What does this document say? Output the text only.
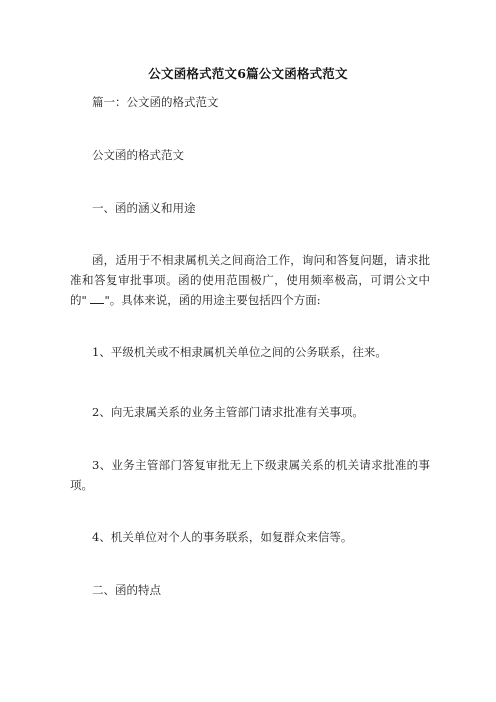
公文函格式范文6篇公文函格式范文
篇一：公文函的格式范文
公文函的格式范文
一、函的涵义和用途
函，适用于不相隶属机关之间商洽工作，询问和答复问题，请求批准和答复审批事项。函的使用范围极广，使用频率极高，可谓公文中的" "。具体来说，函的用途主要包括四个方面:
1、平级机关或不相隶属机关单位之间的公务联系，往来。
2、向无隶属关系的业务主管部门请求批准有关事项。
3、业务主管部门答复审批无上下级隶属关系的机关请求批准的事项。
4、机关单位对个人的事务联系，如复群众来信等。
二、函的特点
